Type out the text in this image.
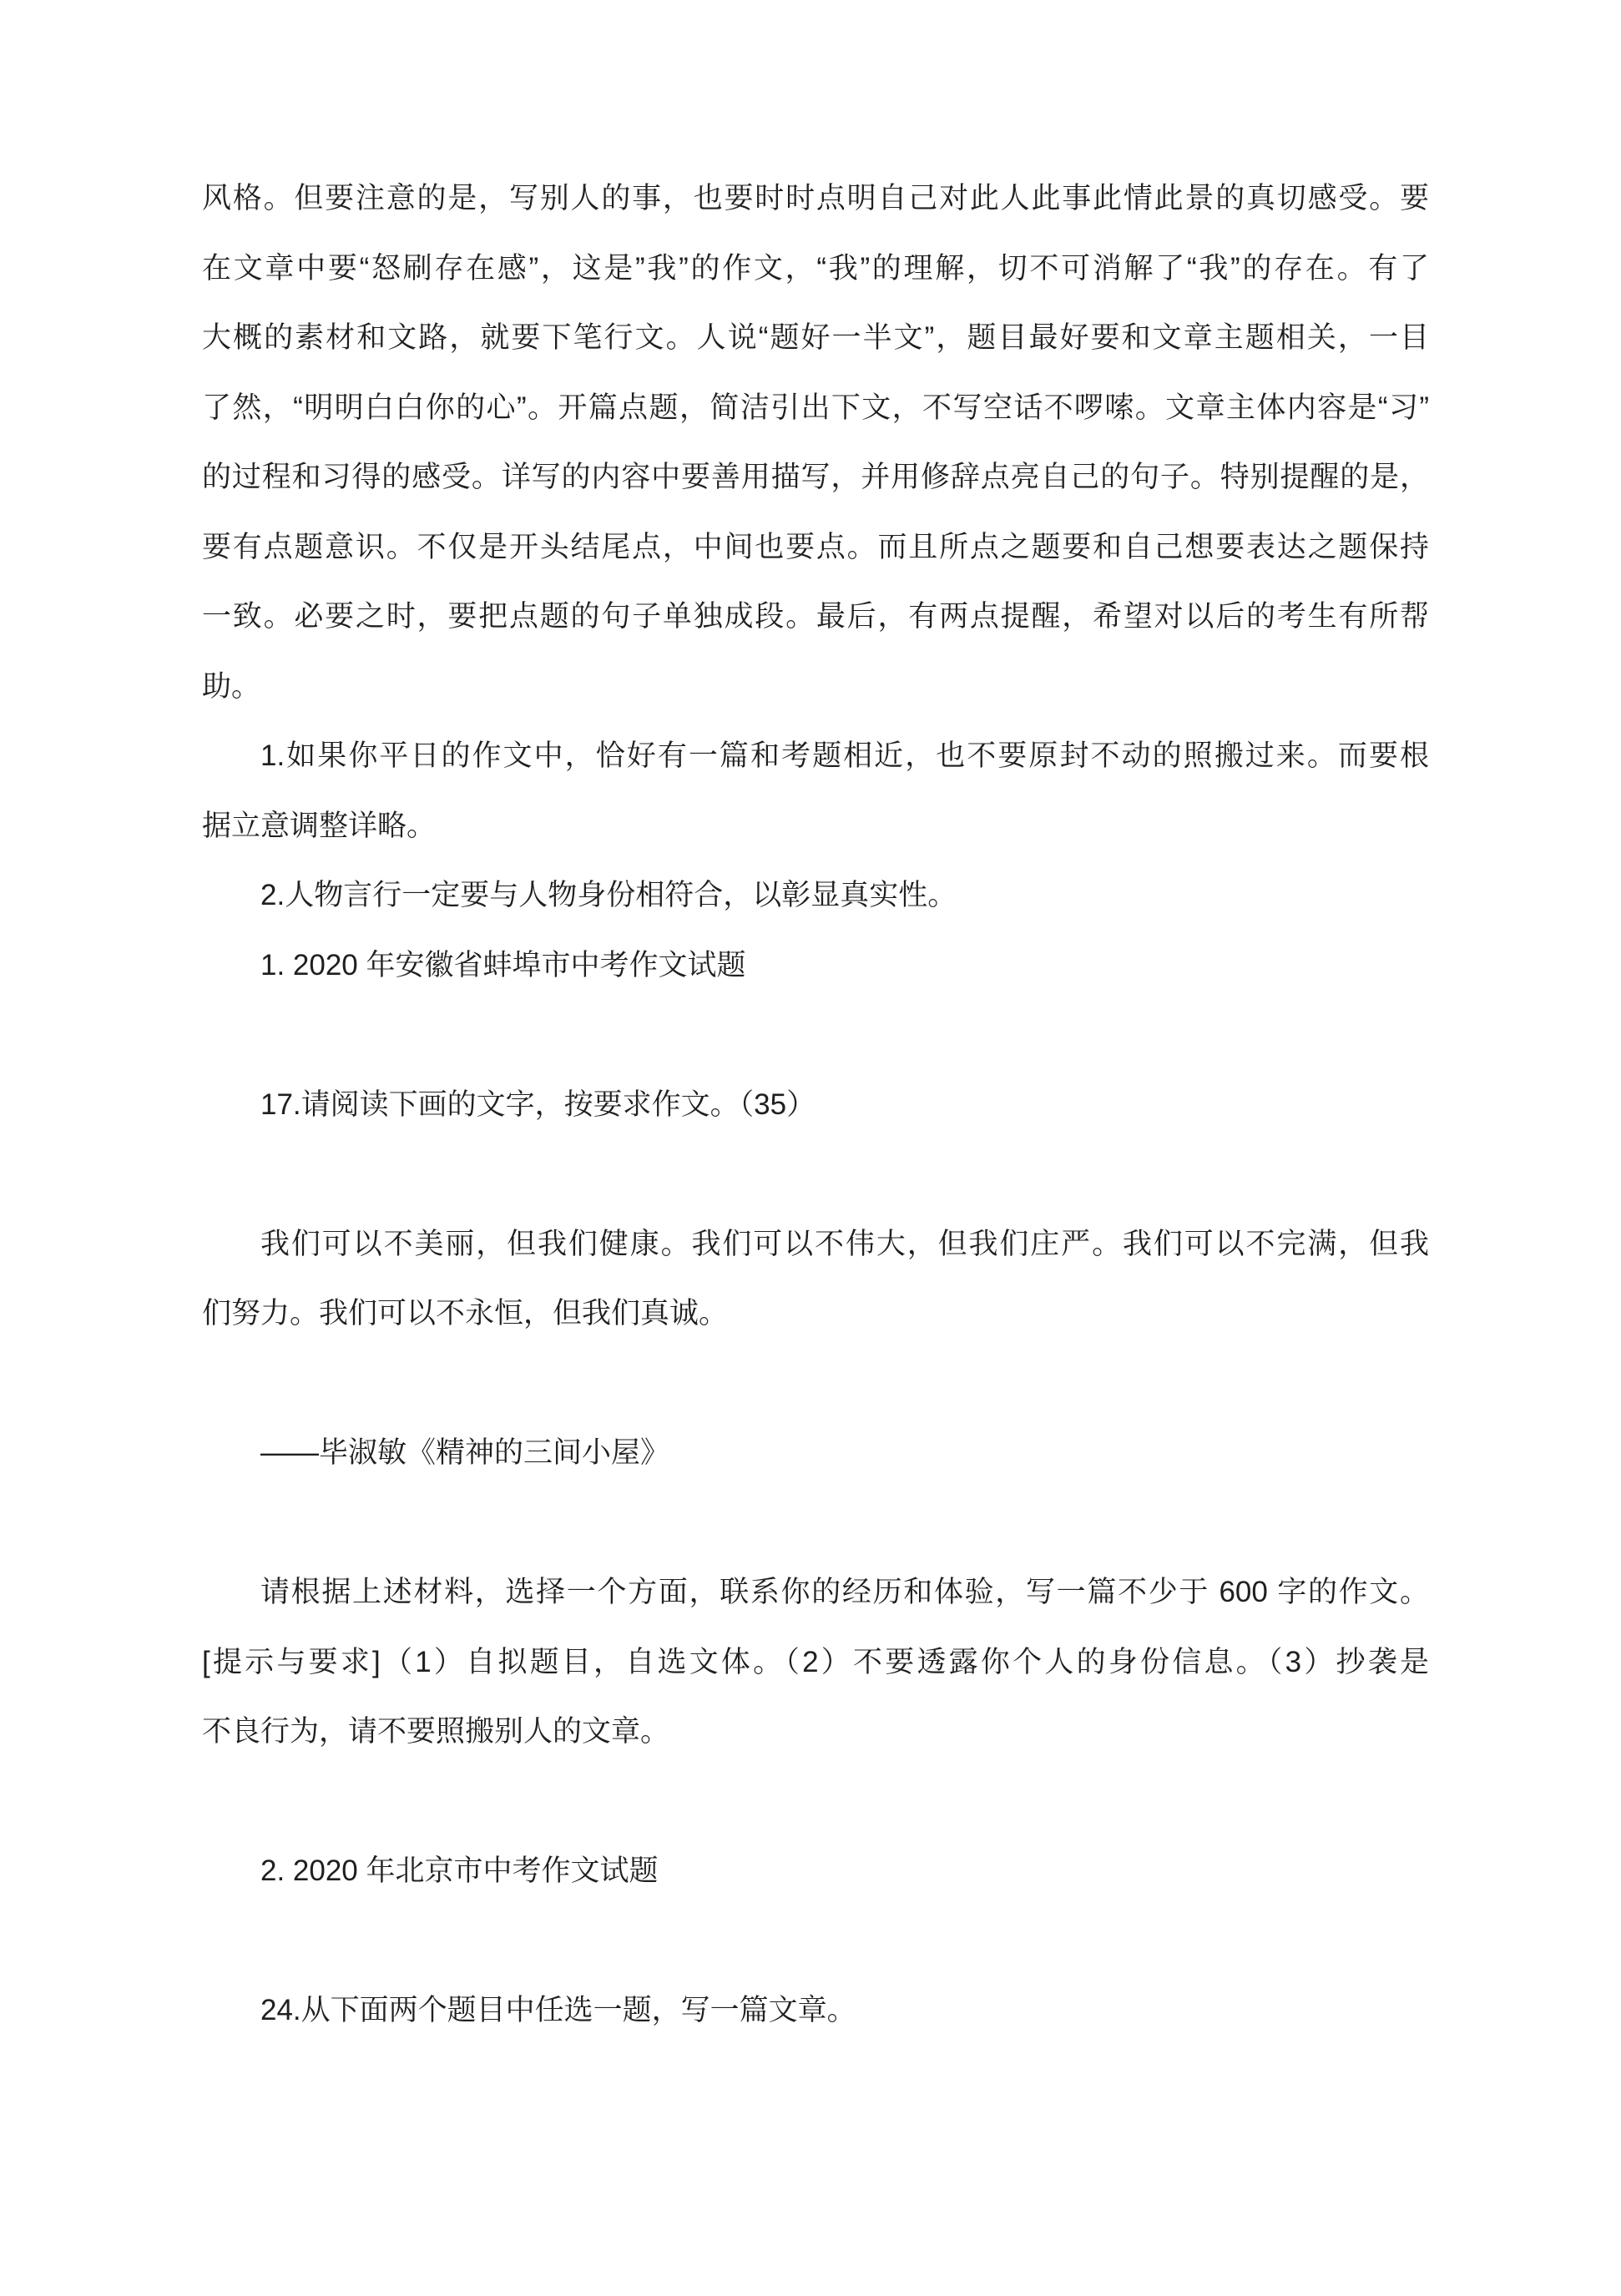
风格。但要注意的是，写别人的事，也要时时点明自己对此人此事此情此景的真切感受。要
在文章中要“怒刷存在感”，这是”我”的作文，“我”的理解，切不可消解了“我”的存在。有了
大概的素材和文路，就要下笔行文。人说“题好一半文”，题目最好要和文章主题相关，一目
了然，“明明白白你的心”。开篇点题，简洁引出下文，不写空话不啰嗦。文章主体内容是“习”
的过程和习得的感受。详写的内容中要善用描写，并用修辞点亮自己的句子。特别提醒的是，
要有点题意识。不仅是开头结尾点，中间也要点。而且所点之题要和自己想要表达之题保持
一致。必要之时，要把点题的句子单独成段。最后，有两点提醒，希望对以后的考生有所帮
助。
1.如果你平日的作文中，恰好有一篇和考题相近，也不要原封不动的照搬过来。而要根
据立意调整详略。
2.人物言行一定要与人物身份相符合，以彰显真实性。
1. 2020 年安徽省蚌埠市中考作文试题
17.请阅读下画的文字，按要求作文。（35）
我们可以不美丽，但我们健康。我们可以不伟大，但我们庄严。我们可以不完满，但我
们努力。我们可以不永恒，但我们真诚。
——毕淑敏《精神的三间小屋》
请根据上述材料，选择一个方面，联系你的经历和体验，写一篇不少于 600 字的作文。
[提示与要求]（1）自拟题目，自选文体。（2）不要透露你个人的身份信息。（3）抄袭是
不良行为，请不要照搬别人的文章。
2. 2020 年北京市中考作文试题
24.从下面两个题目中任选一题，写一篇文章。
